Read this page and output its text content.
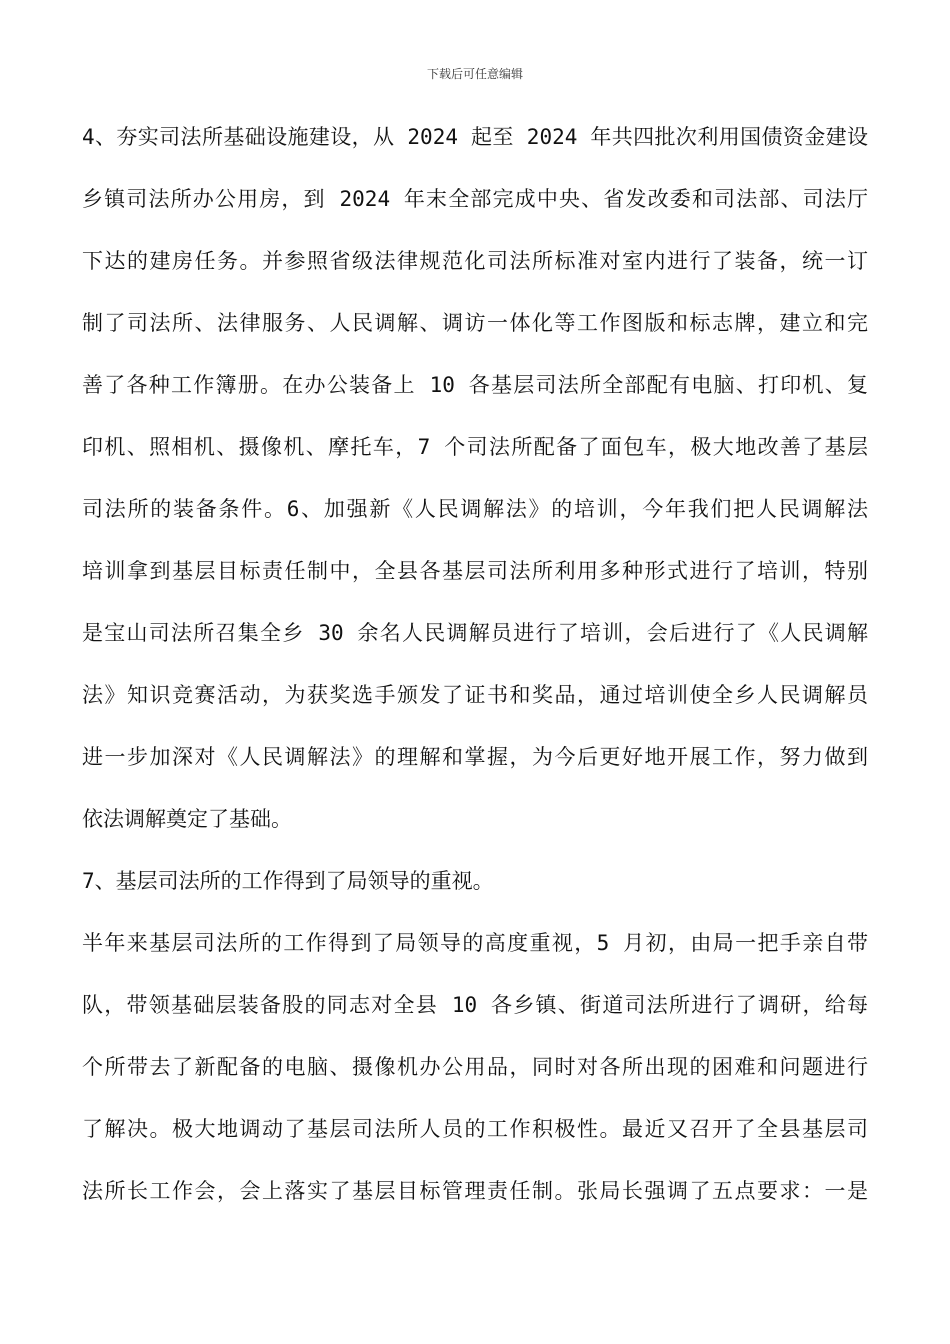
下载后可任意编辑
4、夯实司法所基础设施建设，从 2024 起至 2024 年共四批次利用国债资金建设
乡镇司法所办公用房，到 2024 年末全部完成中央、省发改委和司法部、司法厅
下达的建房任务。并参照省级法律规范化司法所标准对室内进行了装备，统一订
制了司法所、法律服务、人民调解、调访一体化等工作图版和标志牌，建立和完
善了各种工作簿册。在办公装备上 10 各基层司法所全部配有电脑、打印机、复
印机、照相机、摄像机、摩托车，7 个司法所配备了面包车，极大地改善了基层
司法所的装备条件。6、加强新《人民调解法》的培训，今年我们把人民调解法
培训拿到基层目标责任制中，全县各基层司法所利用多种形式进行了培训，特别
是宝山司法所召集全乡 30 余名人民调解员进行了培训，会后进行了《人民调解
法》知识竞赛活动，为获奖选手颁发了证书和奖品，通过培训使全乡人民调解员
进一步加深对《人民调解法》的理解和掌握，为今后更好地开展工作，努力做到
依法调解奠定了基础。
7、基层司法所的工作得到了局领导的重视。
半年来基层司法所的工作得到了局领导的高度重视，5 月初，由局一把手亲自带
队，带领基础层装备股的同志对全县 10 各乡镇、街道司法所进行了调研，给每
个所带去了新配备的电脑、摄像机办公用品，同时对各所出现的困难和问题进行
了解决。极大地调动了基层司法所人员的工作积极性。最近又召开了全县基层司
法所长工作会，会上落实了基层目标管理责任制。张局长强调了五点要求：一是
